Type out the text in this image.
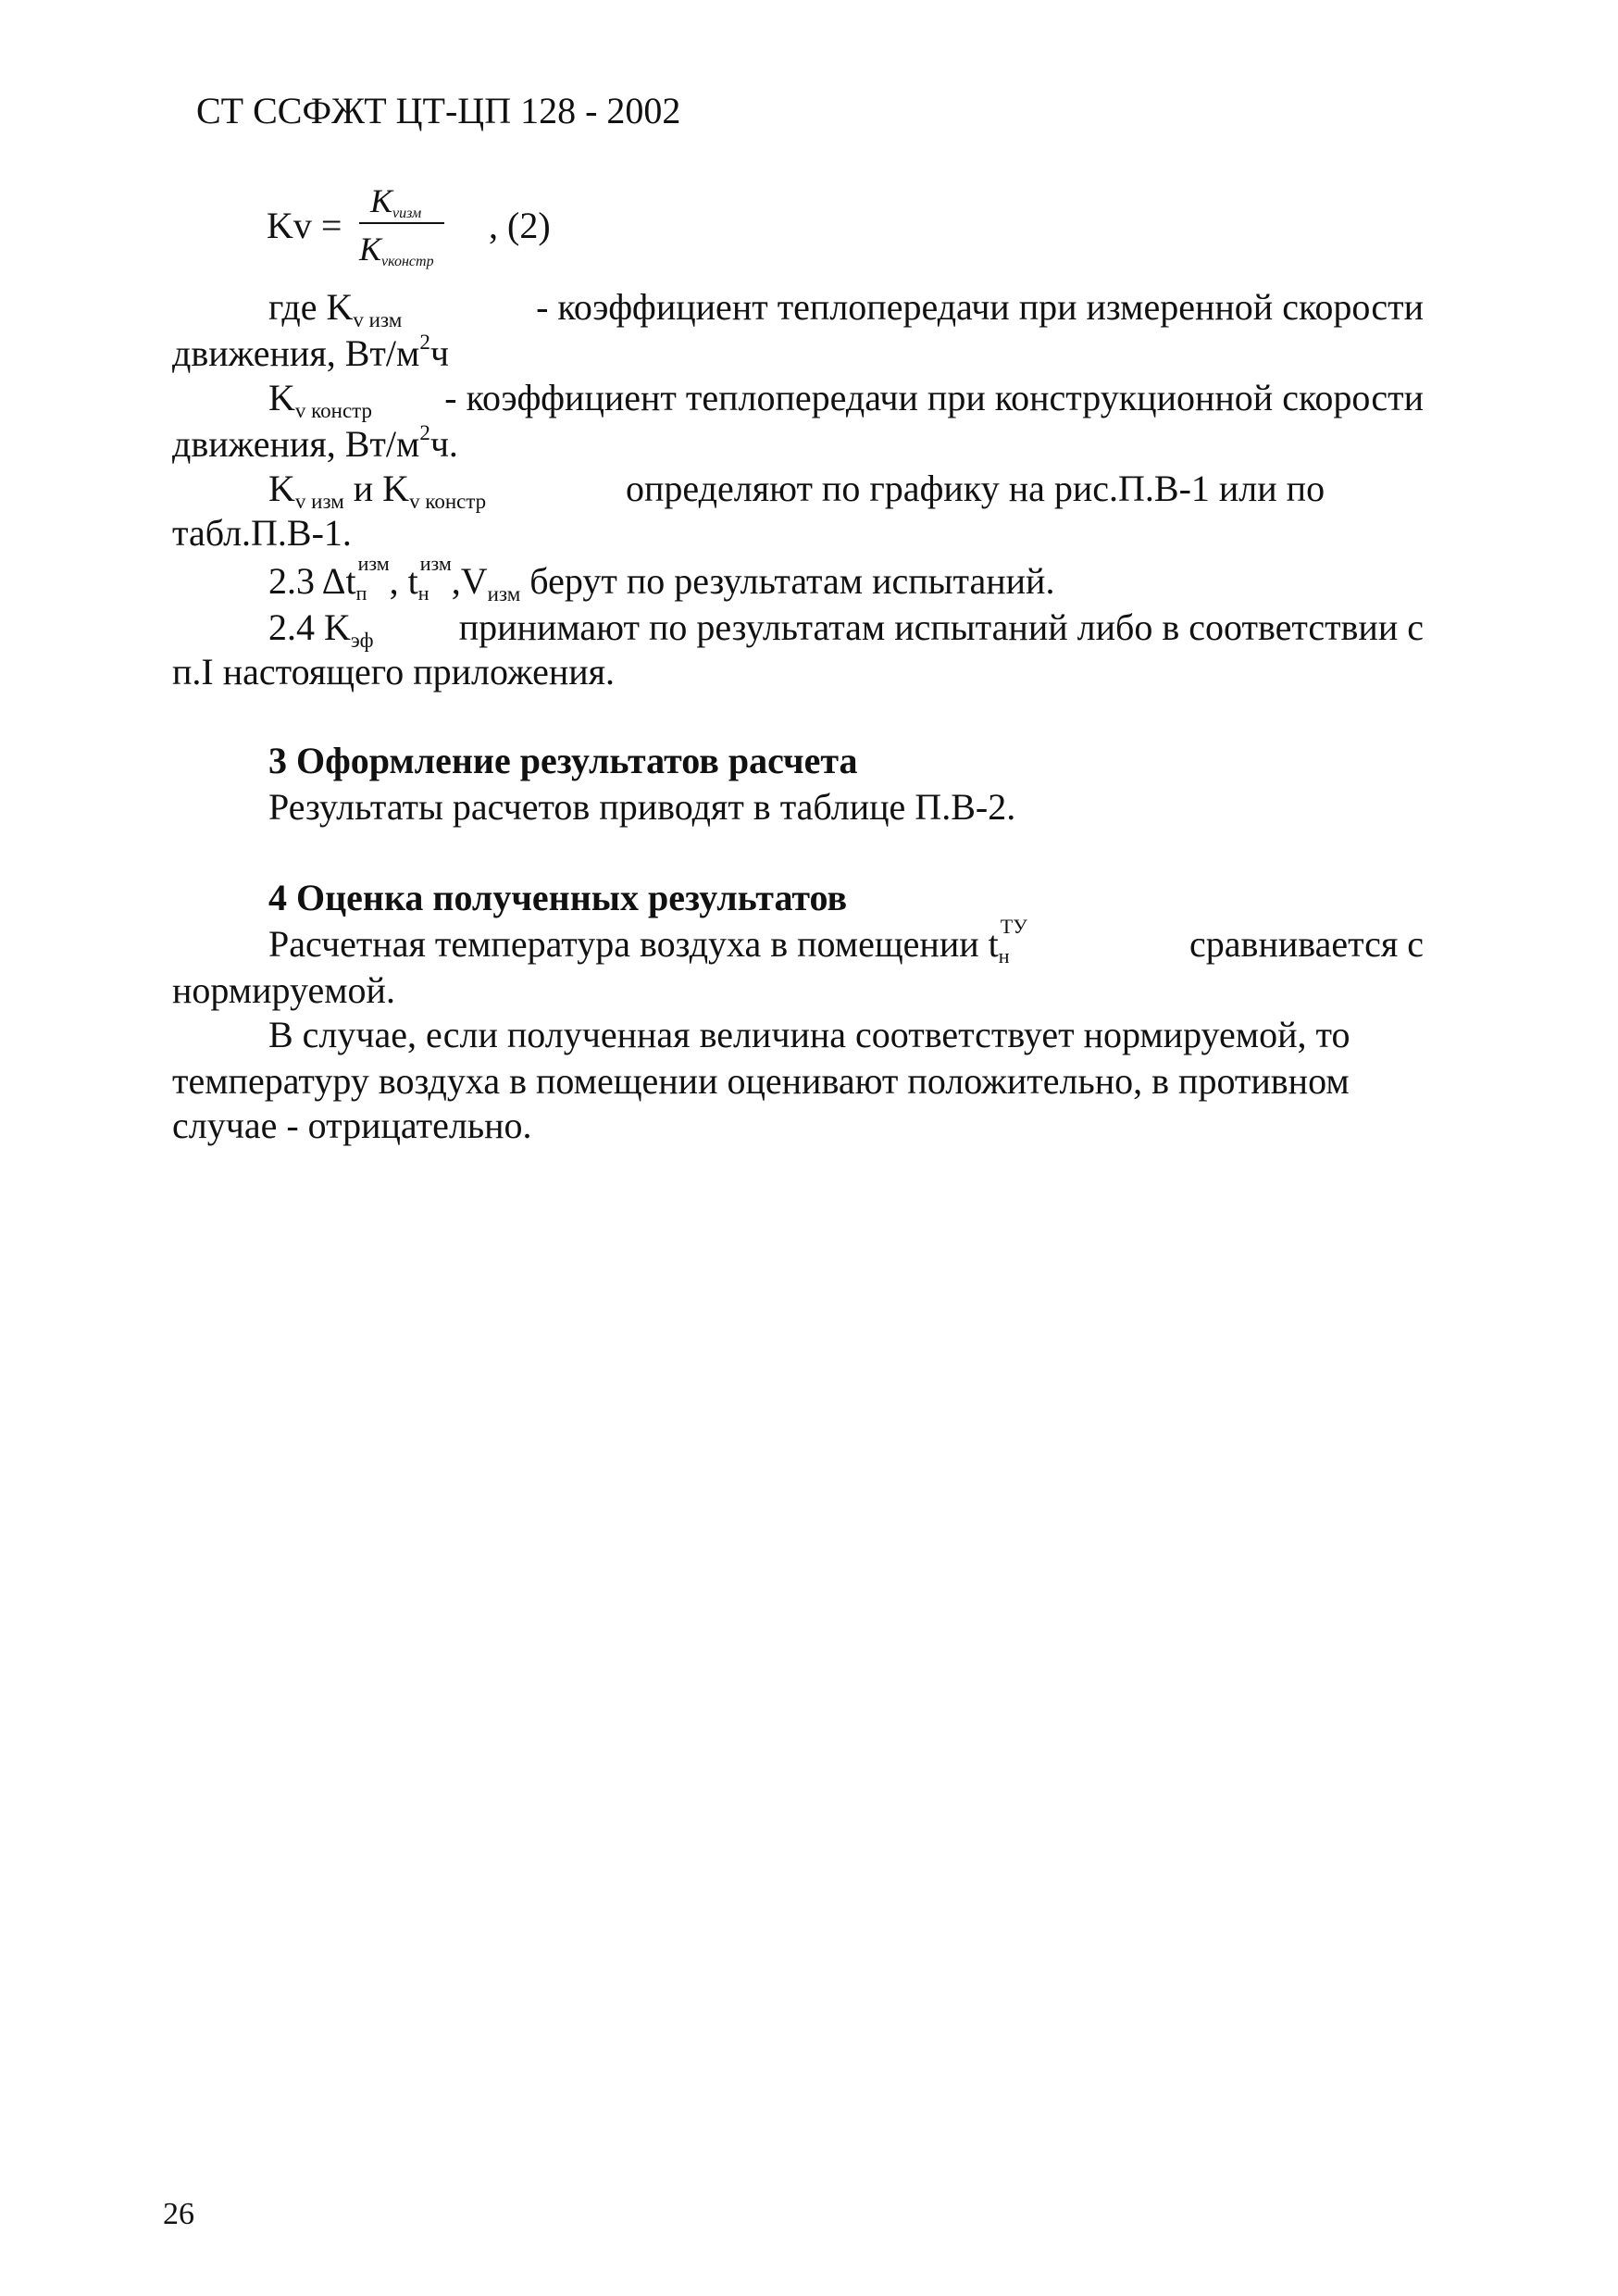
СТ ССФЖТ ЦТ-ЦП 128 - 2002
Kv =
$K_{vизм}$
$K_{vконстр}$
, (2)
где $K_{v изм}$	- коэффициент теплопередачи при измеренной скорости
движения, $Вт/м^2ч$
$K_{v констр}$ - коэффициент теплопередачи при конструкционной скорости
движения, $Вт/м^2ч$.
$K_{v изм}$ и $K_{v констр}$	определяют по графику на рис.П.В-1 или по
табл.П.В-1.
2.3 Δt изм
п , t изм
н $,V_{изм}$ берут по результатам испытаний.
2.4 $K_{эф}$ принимают по результатам испытаний либо в соответствии с
п.I настоящего приложения.
3 Оформление результатов расчета
Результаты расчетов приводят в таблице П.В-2.
4 Оценка полученных результатов
Расчетная температура воздуха в помещении t ТУ
н	сравнивается с
нормируемой.
В случае, если полученная величина соответствует нормируемой, то
температуру воздуха в помещении оценивают положительно, в противном
случае - отрицательно.
26
